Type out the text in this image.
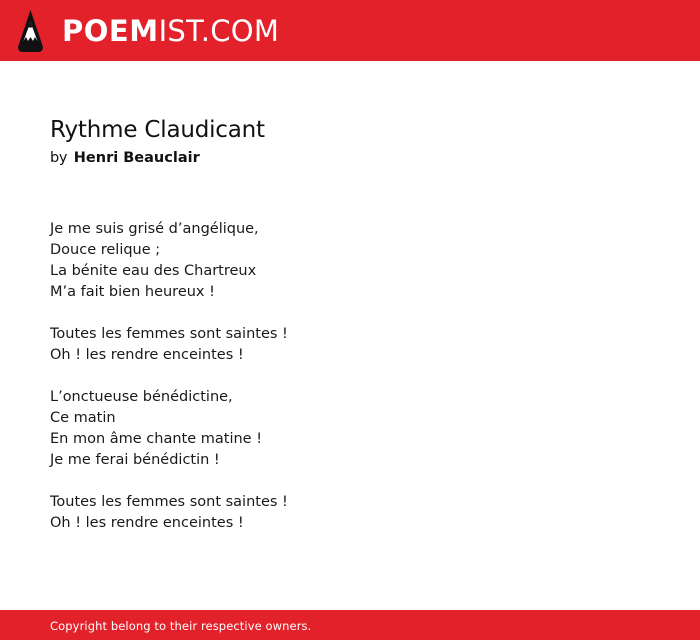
POEMIST.COM
Rythme Claudicant
by Henri Beauclair
Je me suis grisé d’angélique,
Douce relique ;
La bénite eau des Chartreux
M’a fait bien heureux !
Toutes les femmes sont saintes !
Oh ! les rendre enceintes !
L’onctueuse bénédictine,
Ce matin
En mon âme chante matine !
Je me ferai bénédictin !
Toutes les femmes sont saintes !
Oh ! les rendre enceintes !
Copyright belong to their respective owners.
